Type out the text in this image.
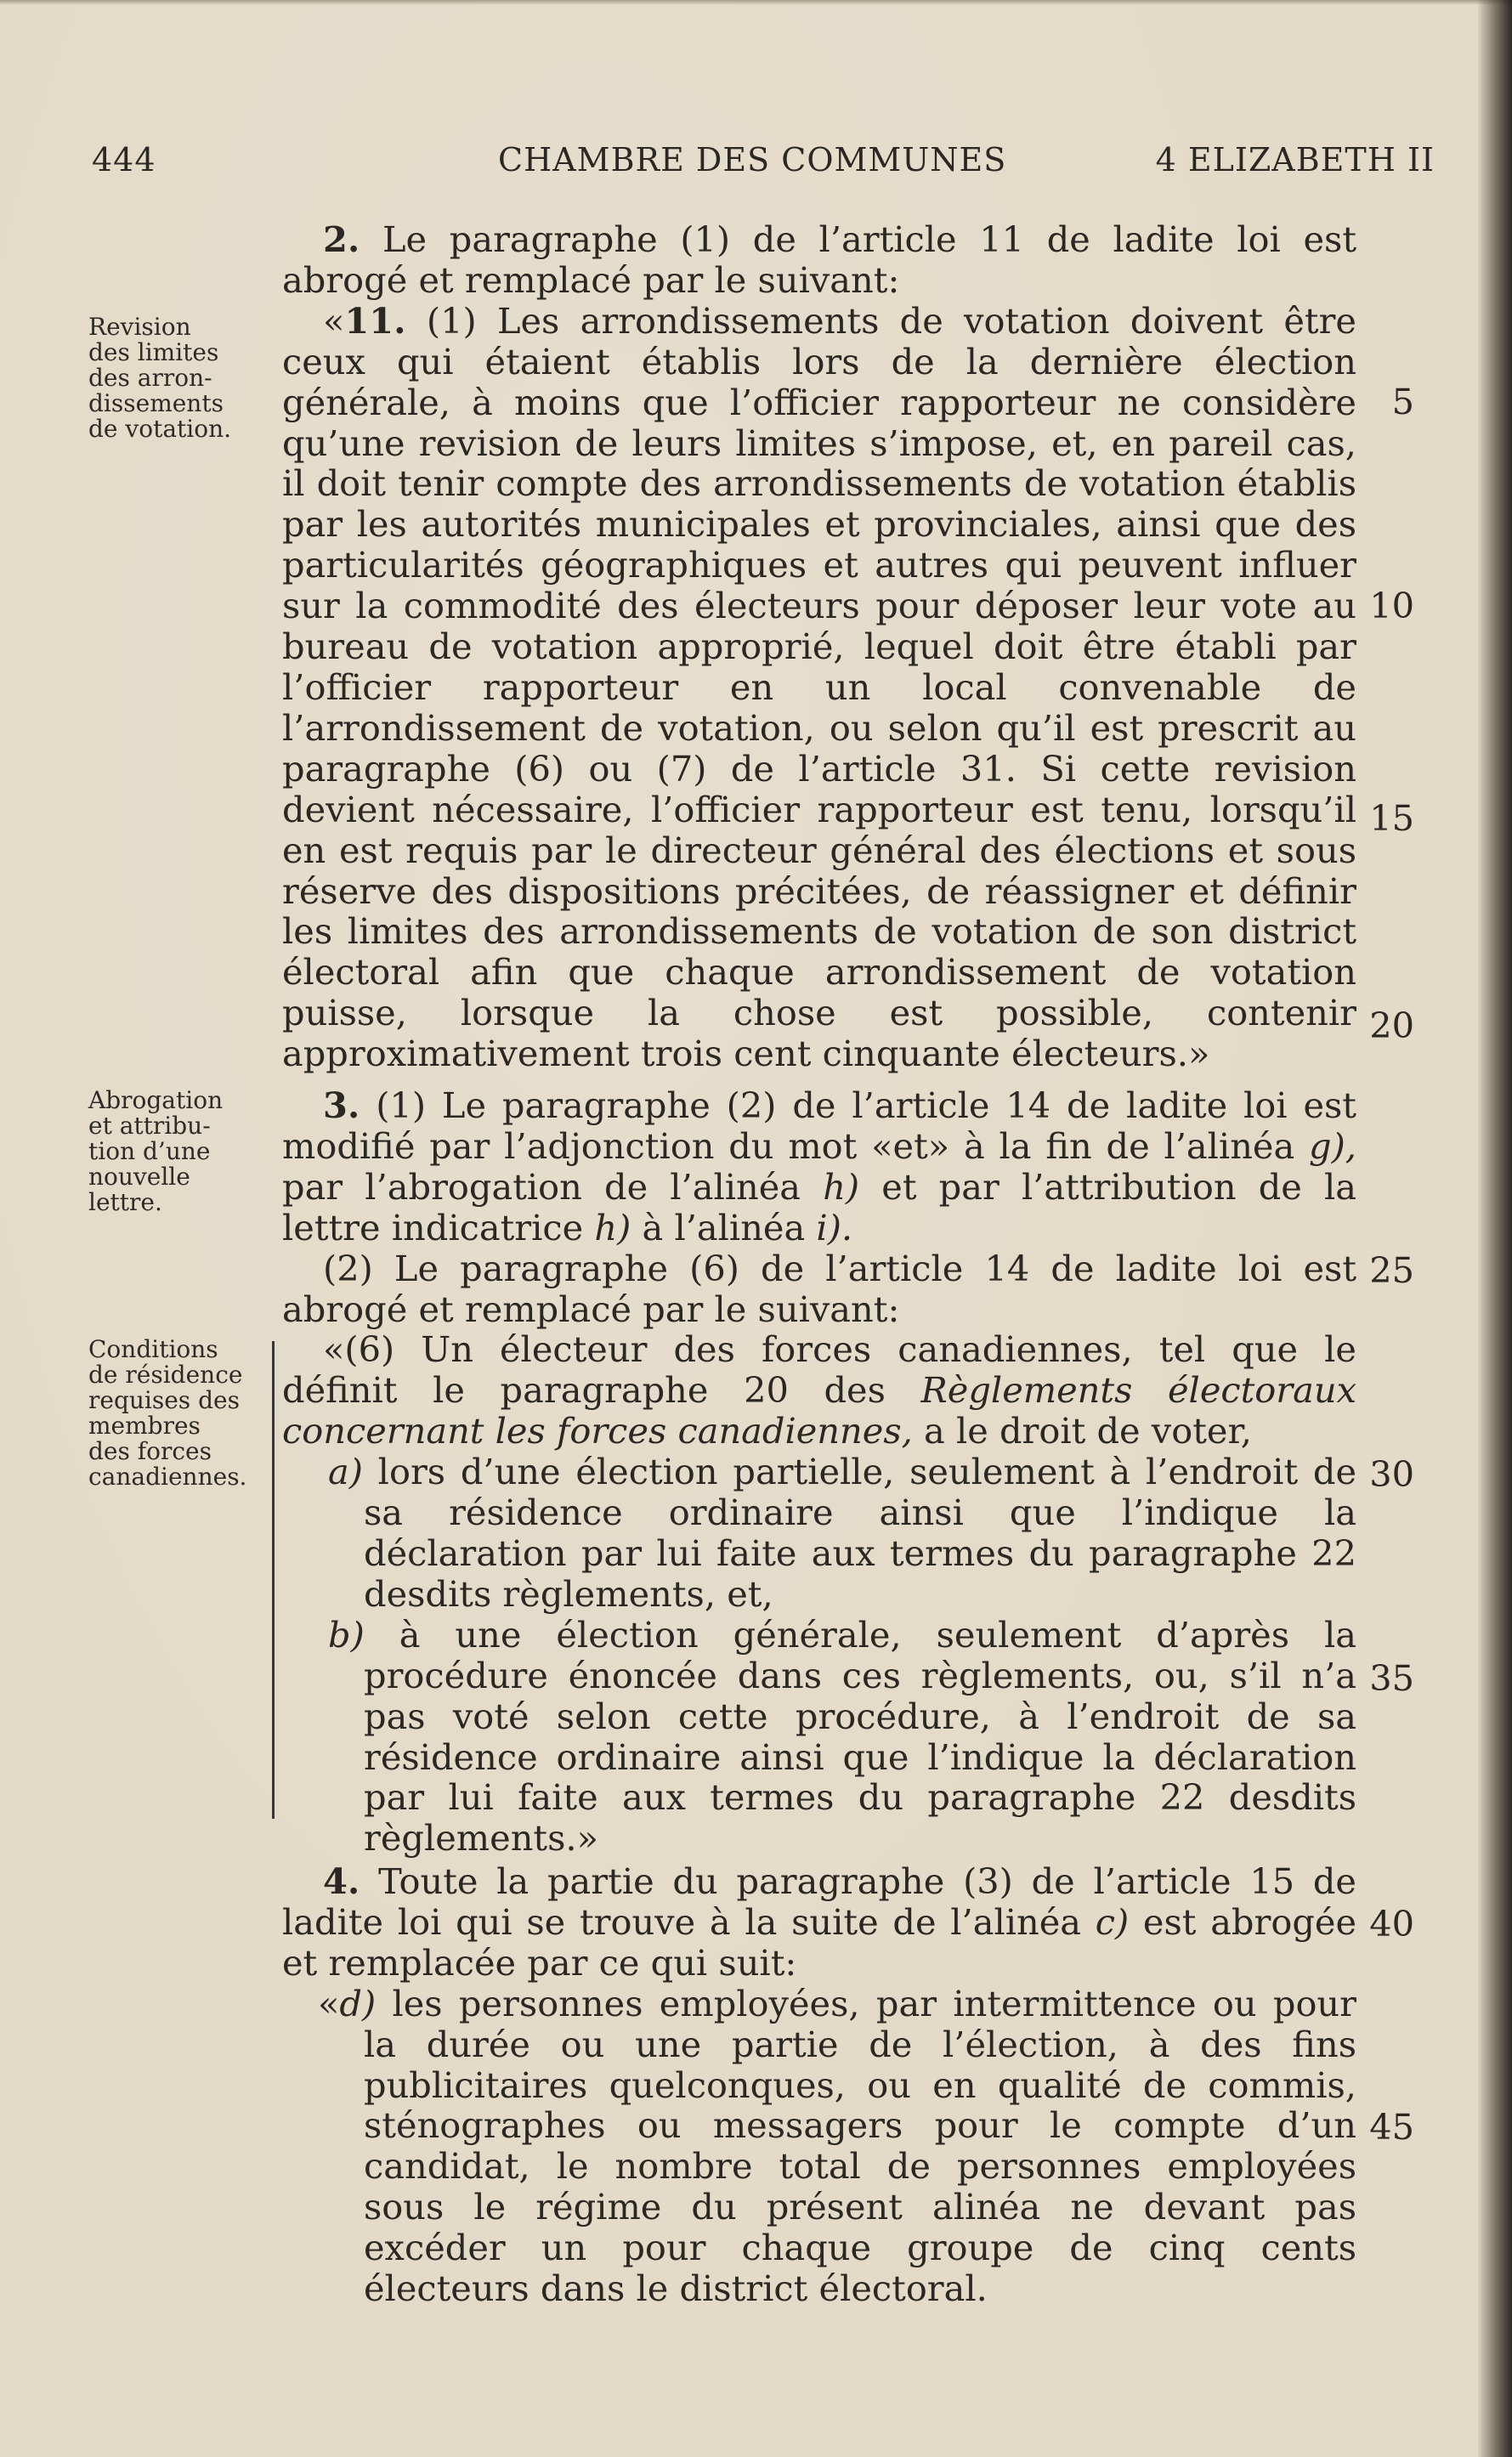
444	CHAMBRE DES COMMUNES	4 ELIZABETH II
Revision
des limites
des arron-
dissements
de votation.
Abrogation
et attribu-
tion d’une
nouvelle
lettre.
Conditions
de résidence
requises des
membres
des forces
canadiennes.

2. Le paragraphe (1) de l’article 11 de ladite loi est abrogé et remplacé par le suivant:

«11. (1) Les arrondissements de votation doivent être ceux qui étaient établis lors de la dernière élection générale, à moins que l’officier rapporteur ne considère qu’une revision de leurs limites s’impose, et, en pareil cas, il doit tenir compte des arrondissements de votation établis par les autorités municipales et provinciales, ainsi que des particularités géographiques et autres qui peuvent influer sur la commodité des électeurs pour déposer leur vote au bureau de votation approprié, lequel doit être établi par l’officier rapporteur en un local convenable de l’arrondissement de votation, ou selon qu’il est prescrit au paragraphe (6) ou (7) de l’article 31. Si cette revision devient nécessaire, l’officier rapporteur est tenu, lorsqu’il en est requis par le directeur général des élections et sous réserve des dispositions précitées, de réassigner et définir les limites des arrondissements de votation de son district électoral afin que chaque arrondissement de votation puisse, lorsque la chose est possible, contenir approximativement trois cent cinquante électeurs.»

3. (1) Le paragraphe (2) de l’article 14 de ladite loi est modifié par l’adjonction du mot «et» à la fin de l’alinéa g), par l’abrogation de l’alinéa h) et par l’attribution de la lettre indicatrice h) à l’alinéa i).

(2) Le paragraphe (6) de l’article 14 de ladite loi est abrogé et remplacé par le suivant:

«(6) Un électeur des forces canadiennes, tel que le définit le paragraphe 20 des Règlements électoraux concernant les forces canadiennes, a le droit de voter,

a) lors d’une élection partielle, seulement à l’endroit de sa résidence ordinaire ainsi que l’indique la déclaration par lui faite aux termes du paragraphe 22 desdits règlements, et,

b) à une élection générale, seulement d’après la procédure énoncée dans ces règlements, ou, s’il n’a pas voté selon cette procédure, à l’endroit de sa résidence ordinaire ainsi que l’indique la déclaration par lui faite aux termes du paragraphe 22 desdits règlements.»

4. Toute la partie du paragraphe (3) de l’article 15 de ladite loi qui se trouve à la suite de l’alinéa c) est abrogée et remplacée par ce qui suit:

«d) les personnes employées, par intermittence ou pour la durée ou une partie de l’élection, à des fins publicitaires quelconques, ou en qualité de commis, sténographes ou messagers pour le compte d’un candidat, le nombre total de personnes employées sous le régime du présent alinéa ne devant pas excéder un pour chaque groupe de cinq cents électeurs dans le district électoral.

5
10
15
20
25
30
35
40
45
